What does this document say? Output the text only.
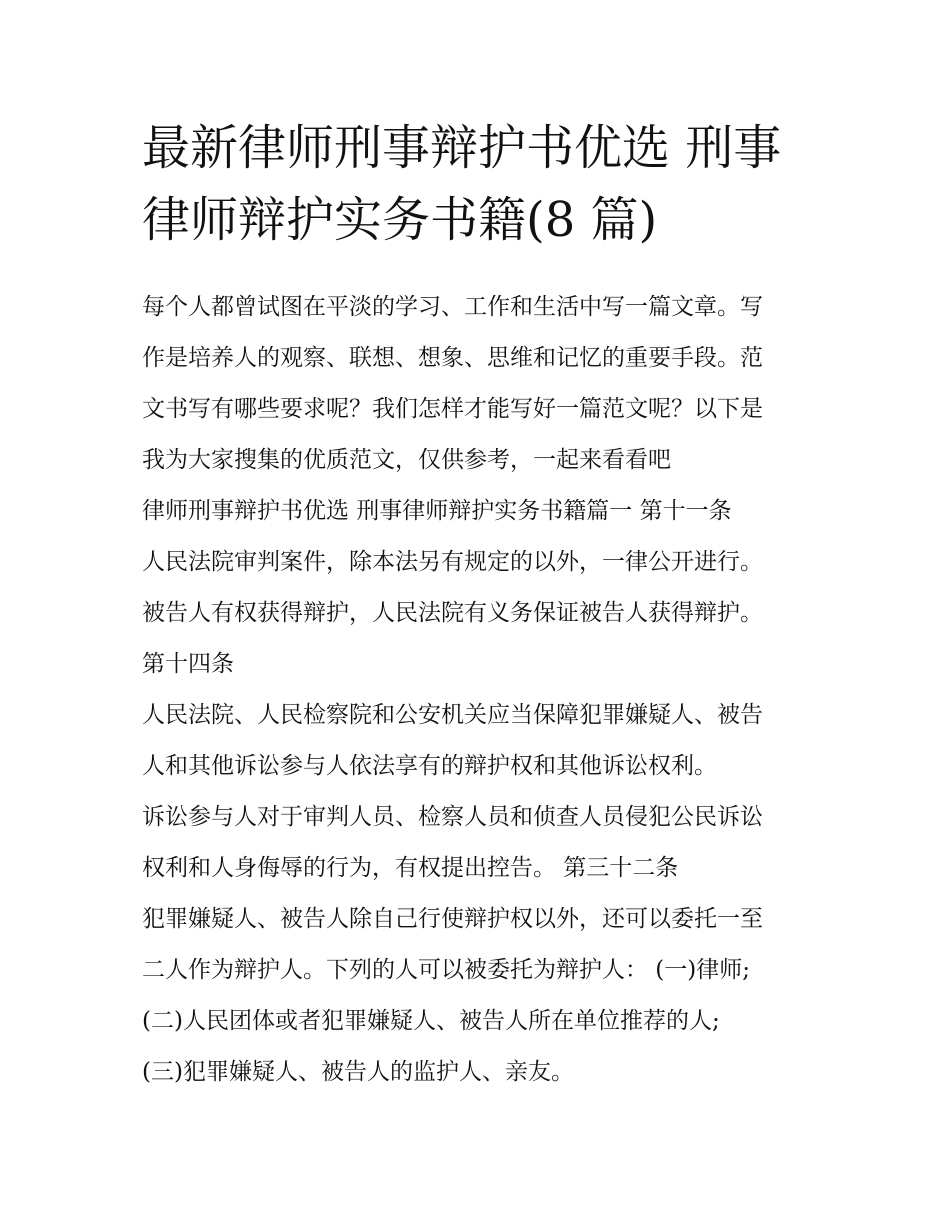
最新律师刑事辩护书优选 刑事
律师辩护实务书籍(8 篇)
每个人都曾试图在平淡的学习、工作和生活中写一篇文章。写
作是培养人的观察、联想、想象、思维和记忆的重要手段。范
文书写有哪些要求呢？我们怎样才能写好一篇范文呢？以下是
我为大家搜集的优质范文，仅供参考，一起来看看吧
律师刑事辩护书优选 刑事律师辩护实务书籍篇一 第十一条
人民法院审判案件，除本法另有规定的以外，一律公开进行。
被告人有权获得辩护，人民法院有义务保证被告人获得辩护。
第十四条
人民法院、人民检察院和公安机关应当保障犯罪嫌疑人、被告
人和其他诉讼参与人依法享有的辩护权和其他诉讼权利。
诉讼参与人对于审判人员、检察人员和侦查人员侵犯公民诉讼
权利和人身侮辱的行为，有权提出控告。 第三十二条
犯罪嫌疑人、被告人除自己行使辩护权以外，还可以委托一至
二人作为辩护人。下列的人可以被委托为辩护人： (一)律师;
(二)人民团体或者犯罪嫌疑人、被告人所在单位推荐的人;
(三)犯罪嫌疑人、被告人的监护人、亲友。
